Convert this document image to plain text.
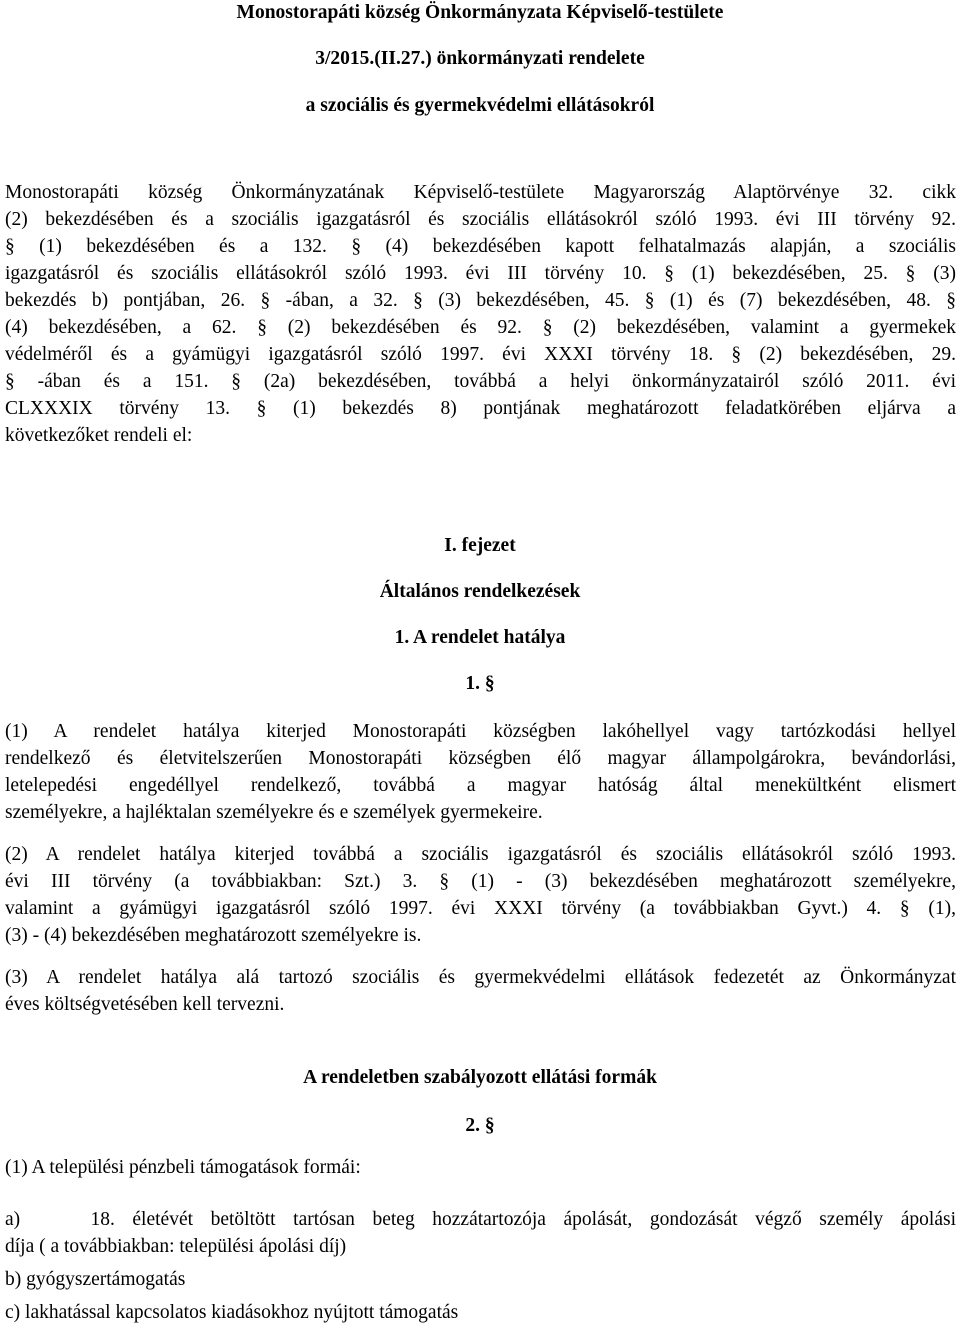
Monostorapáti község Önkormányzata Képviselő-testülete
3/2015.(II.27.) önkormányzati rendelete
a szociális és gyermekvédelmi ellátásokról
Monostorapáti község Önkormányzatának Képviselő-testülete Magyarország Alaptörvénye 32. cikk
(2) bekezdésében és a szociális igazgatásról és szociális ellátásokról szóló 1993. évi III törvény 92.
§ (1) bekezdésében és a 132. § (4) bekezdésében kapott felhatalmazás alapján, a szociális
igazgatásról és szociális ellátásokról szóló 1993. évi III törvény 10. § (1) bekezdésében, 25. § (3)
bekezdés b) pontjában, 26. § -ában, a 32. § (3) bekezdésében, 45. § (1) és (7) bekezdésében, 48. §
(4) bekezdésében, a 62. § (2) bekezdésében és 92. § (2) bekezdésében, valamint a gyermekek
védelméről és a gyámügyi igazgatásról szóló 1997. évi XXXI törvény 18. § (2) bekezdésében, 29.
§ -ában és a 151. § (2a) bekezdésében, továbbá a helyi önkormányzatairól szóló 2011. évi
CLXXXIX törvény 13. § (1) bekezdés 8) pontjának meghatározott feladatkörében eljárva a
következőket rendeli el:
I. fejezet
Általános rendelkezések
1. A rendelet hatálya
1. §
(1) A rendelet hatálya kiterjed Monostorapáti községben lakóhellyel vagy tartózkodási hellyel
rendelkező és életvitelszerűen Monostorapáti községben élő magyar állampolgárokra, bevándorlási,
letelepedési engedéllyel rendelkező, továbbá a magyar hatóság által menekültként elismert
személyekre, a hajléktalan személyekre és e személyek gyermekeire.
(2) A rendelet hatálya kiterjed továbbá a szociális igazgatásról és szociális ellátásokról szóló 1993.
évi III törvény (a továbbiakban: Szt.) 3. § (1) - (3) bekezdésében meghatározott személyekre,
valamint a gyámügyi igazgatásról szóló 1997. évi XXXI törvény (a továbbiakban Gyvt.) 4. § (1),
(3) - (4) bekezdésében meghatározott személyekre is.
(3) A rendelet hatálya alá tartozó szociális és gyermekvédelmi ellátások fedezetét az Önkormányzat
éves költségvetésében kell tervezni.
A rendeletben szabályozott ellátási formák
2. §
(1) A települési pénzbeli támogatások formái:
a)    18. életévét betöltött tartósan beteg hozzátartozója ápolását, gondozását végző személy ápolási
díja ( a továbbiakban: települési ápolási díj)
b) gyógyszertámogatás
c) lakhatással kapcsolatos kiadásokhoz nyújtott támogatás
